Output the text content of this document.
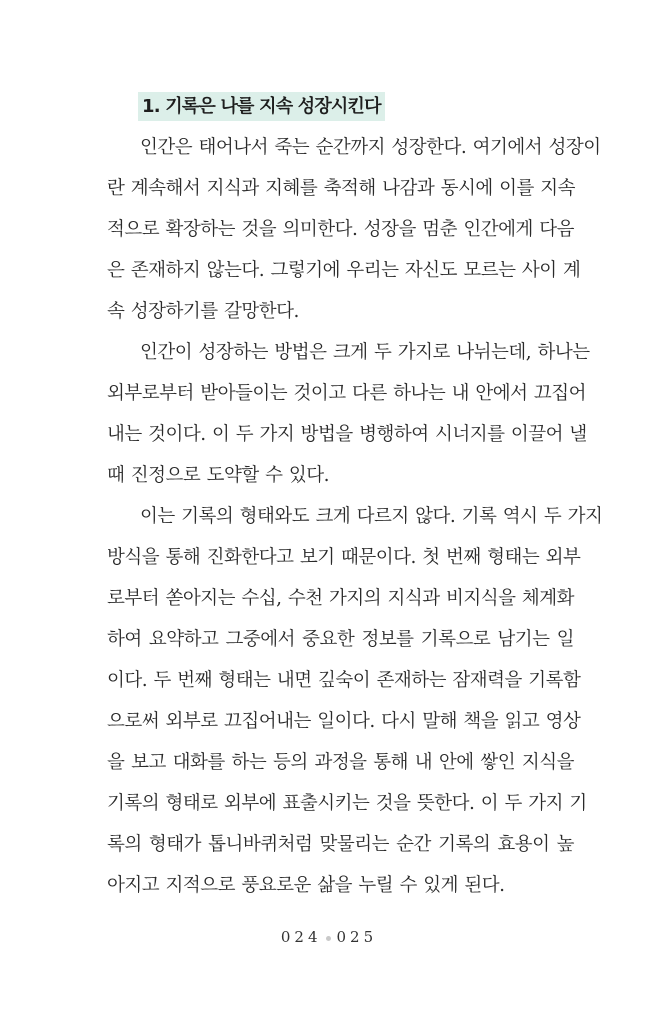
1. 기록은 나를 지속 성장시킨다
인간은 태어나서 죽는 순간까지 성장한다. 여기에서 성장이
란 계속해서 지식과 지혜를 축적해 나감과 동시에 이를 지속
적으로 확장하는 것을 의미한다. 성장을 멈춘 인간에게 다음
은 존재하지 않는다. 그렇기에 우리는 자신도 모르는 사이 계
속 성장하기를 갈망한다.
인간이 성장하는 방법은 크게 두 가지로 나뉘는데, 하나는
외부로부터 받아들이는 것이고 다른 하나는 내 안에서 끄집어
내는 것이다. 이 두 가지 방법을 병행하여 시너지를 이끌어 낼
때 진정으로 도약할 수 있다.
이는 기록의 형태와도 크게 다르지 않다. 기록 역시 두 가지
방식을 통해 진화한다고 보기 때문이다. 첫 번째 형태는 외부
로부터 쏟아지는 수십, 수천 가지의 지식과 비지식을 체계화
하여 요약하고 그중에서 중요한 정보를 기록으로 남기는 일
이다. 두 번째 형태는 내면 깊숙이 존재하는 잠재력을 기록함
으로써 외부로 끄집어내는 일이다. 다시 말해 책을 읽고 영상
을 보고 대화를 하는 등의 과정을 통해 내 안에 쌓인 지식을
기록의 형태로 외부에 표출시키는 것을 뜻한다. 이 두 가지 기
록의 형태가 톱니바퀴처럼 맞물리는 순간 기록의 효용이 높
아지고 지적으로 풍요로운 삶을 누릴 수 있게 된다.
024 025
